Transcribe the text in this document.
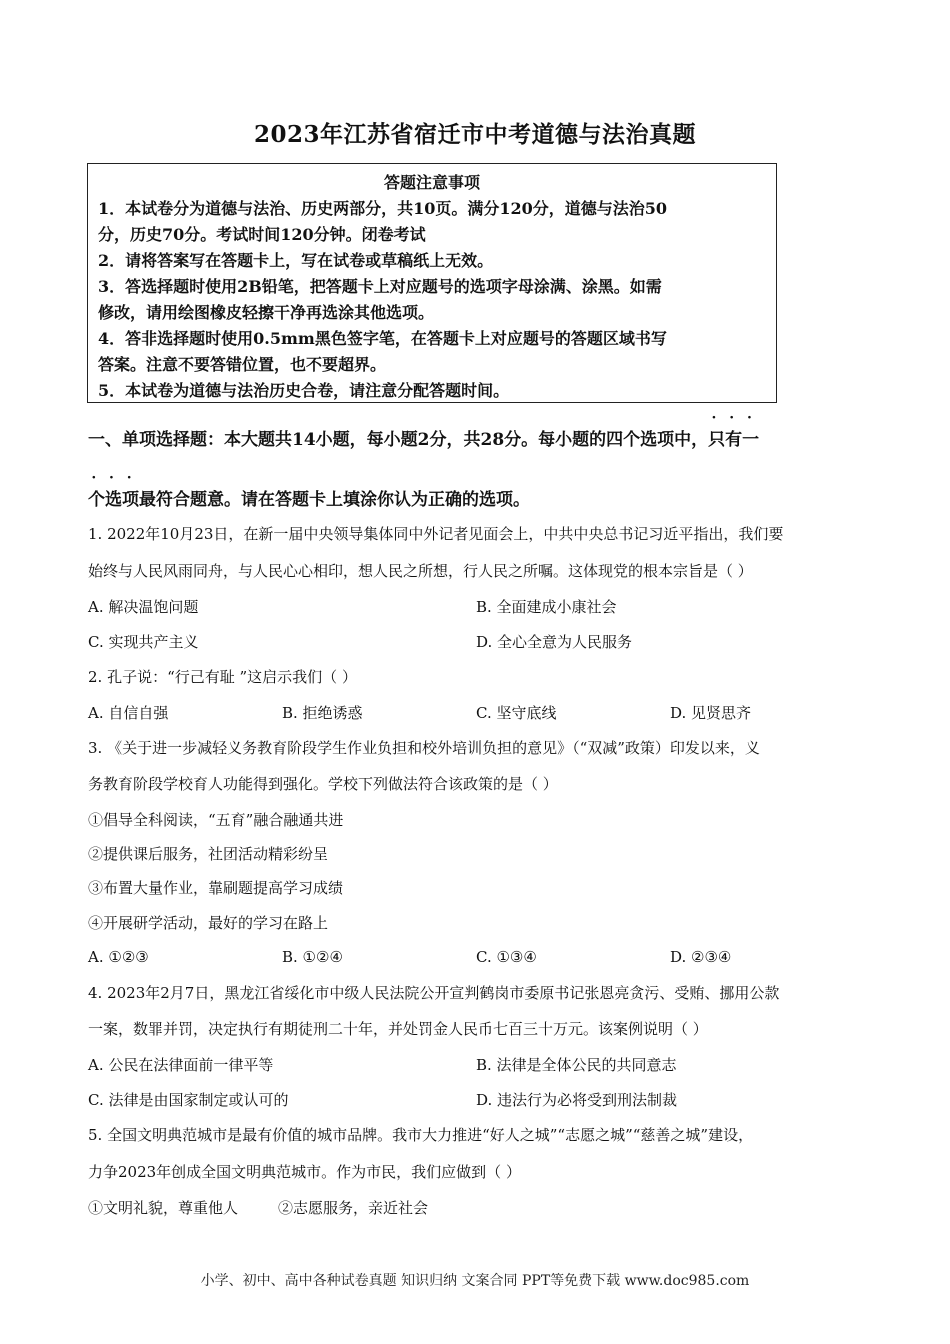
2023年江苏省宿迁市中考道德与法治真题
答题注意事项
1．本试卷分为道德与法治、历史两部分，共10页。满分120分，道德与法治50
分，历史70分。考试时间120分钟。闭卷考试
2．请将答案写在答题卡上，写在试卷或草稿纸上无效。
3．答选择题时使用2B铅笔，把答题卡上对应题号的选项字母涂满、涂黑。如需
修改，请用绘图橡皮轻擦干净再选涂其他选项。
4．答非选择题时使用0.5mm黑色签字笔，在答题卡上对应题号的答题区域书写
答案。注意不要答错位置，也不要超界。
5．本试卷为道德与法治历史合卷，请注意分配答题时间。
一、单项选择题：本大题共14小题，每小题2分，共28分。每小题的四个选项中，
· · ·
只有一
· · ·
个选项最符合题意。请在答题卡上填涂你认为正确的选项。
1. 2022年10月23日，在新一届中央领导集体同中外记者见面会上，中共中央总书记习近平指出，我们要
始终与人民风雨同舟，与人民心心相印，想人民之所想，行人民之所嘱。这体现党的根本宗旨是（ ）
A. 解决温饱问题	B. 全面建成小康社会
C. 实现共产主义	D. 全心全意为人民服务
2. 孔子说：“行己有耻 ”这启示我们（ ）
A. 自信自强	B. 拒绝诱惑	C. 坚守底线	D. 见贤思齐
3. 《关于进一步减轻义务教育阶段学生作业负担和校外培训负担的意见》（“双减”政策）印发以来，义
务教育阶段学校育人功能得到强化。学校下列做法符合该政策的是（ ）
①倡导全科阅读，“五育”融合融通共进
②提供课后服务，社团活动精彩纷呈
③布置大量作业，靠刷题提高学习成绩
④开展研学活动，最好的学习在路上
A. ①②③	B. ①②④	C. ①③④	D. ②③④
4. 2023年2月7日，黑龙江省绥化市中级人民法院公开宣判鹤岗市委原书记张恩亮贪污、受贿、挪用公款
一案，数罪并罚，决定执行有期徒刑二十年，并处罚金人民币七百三十万元。该案例说明（ ）
A. 公民在法律面前一律平等	B. 法律是全体公民的共同意志
C. 法律是由国家制定或认可的	D. 违法行为必将受到刑法制裁
5. 全国文明典范城市是最有价值的城市品牌。我市大力推进“好人之城”“志愿之城”“慈善之城”建设，
力争2023年创成全国文明典范城市。作为市民，我们应做到（ ）
①文明礼貌，尊重他人	②志愿服务，亲近社会
小学、初中、高中各种试卷真题 知识归纳 文案合同 PPT等免费下载 www.doc985.com
